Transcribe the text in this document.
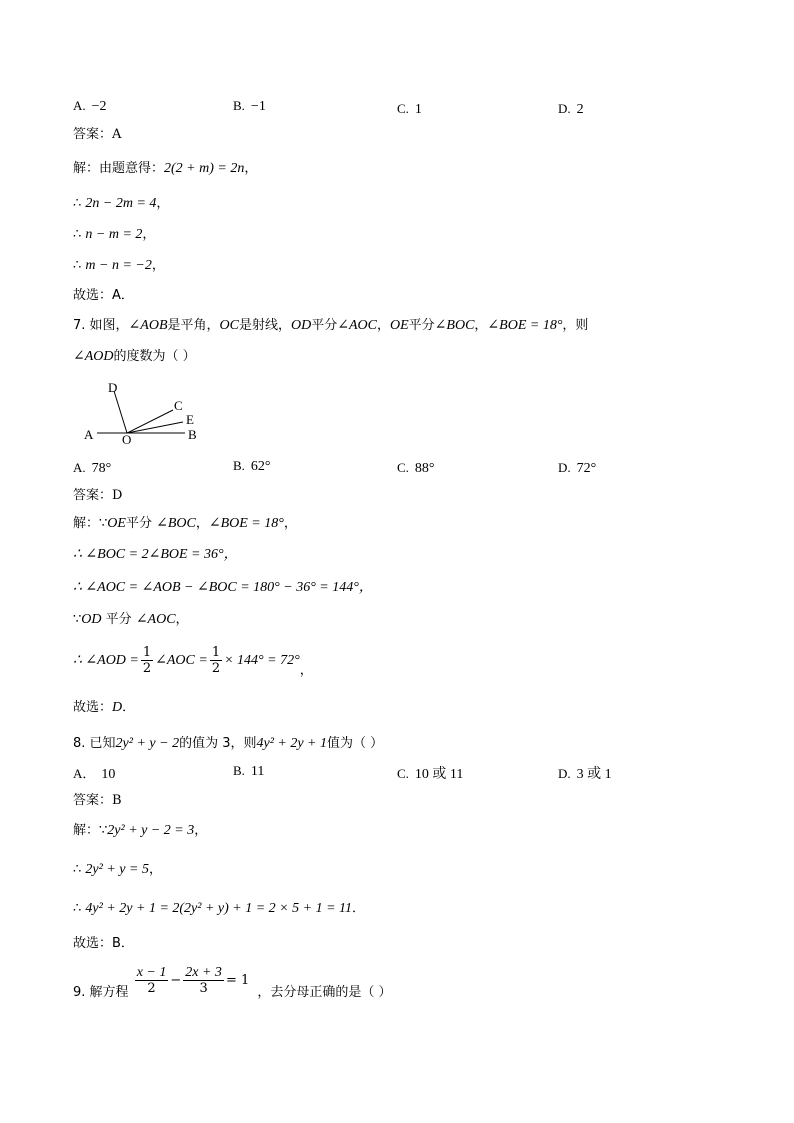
A. −2	B. −1	C. 1	D. 2
答案：A
解：由题意得：2(2 + m) = 2n，
∴ 2n − 2m = 4，
∴ n − m = 2，
∴ m − n = −2，
故选：A．
7. 如图，∠AOB是平角，OC是射线，OD平分∠AOC，OE平分∠BOC，∠BOE = 18°，则
∠AOD的度数为（ ）
D
C
E
A O	B
A. 78°	B. 62°	C. 88°	D. 72°
答案：D
解：∵OE平分 ∠BOC，∠BOE = 18°，
∴ ∠BOC = 2∠BOE = 36°，
∴ ∠AOC = ∠AOB − ∠BOC = 180° − 36° = 144°，
∵OD 平分 ∠AOC，
∴ ∠AOD = $\frac{1}{2}$ ∠AOC = $\frac{1}{2} \times 144^\circ = 72^\circ$，
故选：D．
8. 已知2y² + y − 2的值为 3，则4y² + 2y + 1值为（ ）
A． 10	B. 11	C. 10 或 11	D. 3 或 1
答案：B
解：∵2y² + y − 2 = 3，
∴ 2y² + y = 5，
∴ 4y² + 2y + 1 = 2(2y² + y) + 1 = 2 × 5 + 1 = 11．
故选：B．
9. 解方程 $\frac{x - 1}{2} - \frac{2x + 3}{3} = 1$ ，去分母正确的是（ ）
